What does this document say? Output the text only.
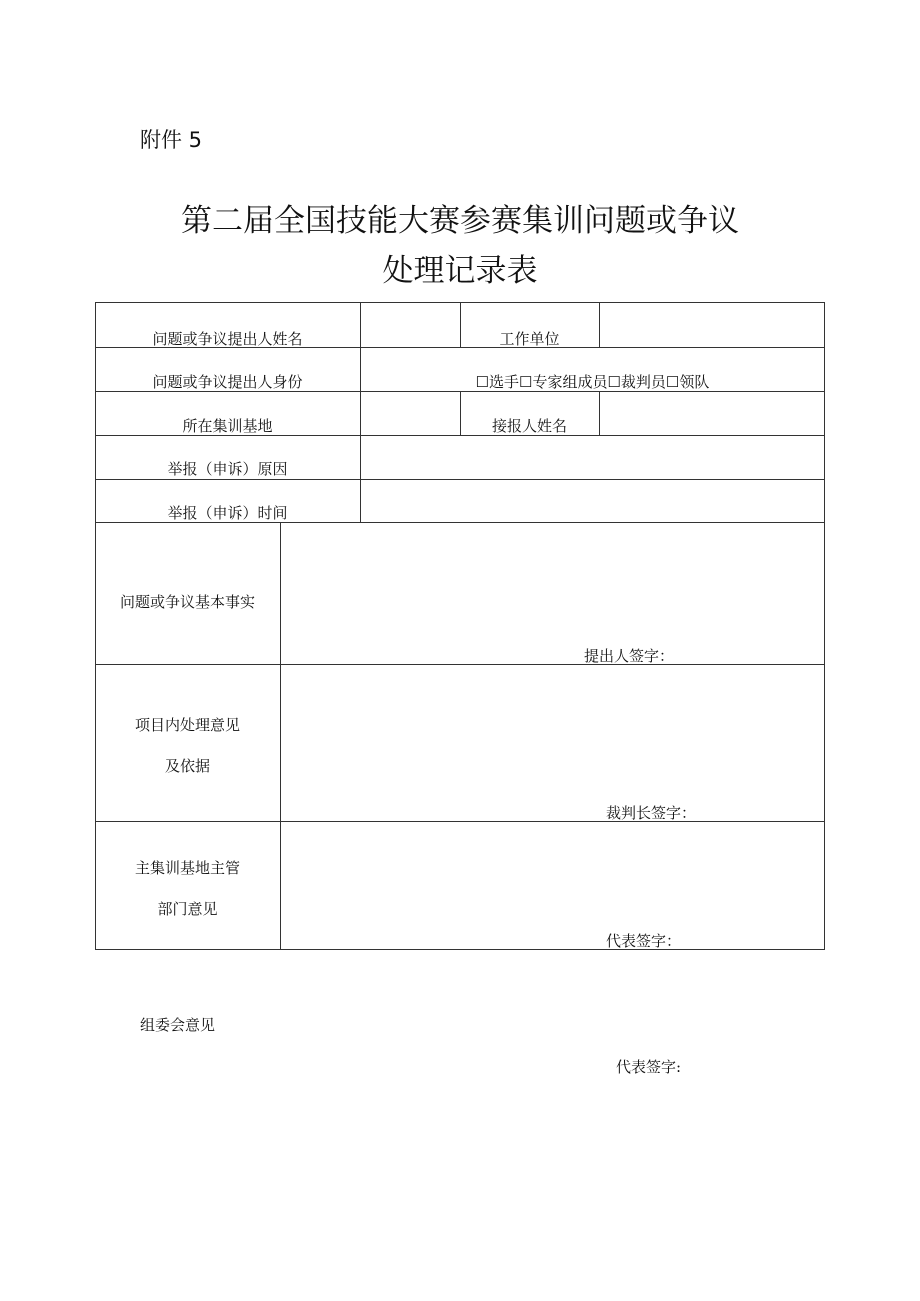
附件 5
第二届全国技能大赛参赛集训问题或争议
处理记录表
问题或争议提出人姓名	工作单位
问题或争议提出人身份	☐选手☐专家组成员☐裁判员☐领队
所在集训基地	接报人姓名
举报（申诉）原因
举报（申诉）时间
问题或争议基本事实
提出人签字：
项目内处理意见
及依据
裁判长签字：
主集训基地主管
部门意见
代表签字：
组委会意见
代表签字:
